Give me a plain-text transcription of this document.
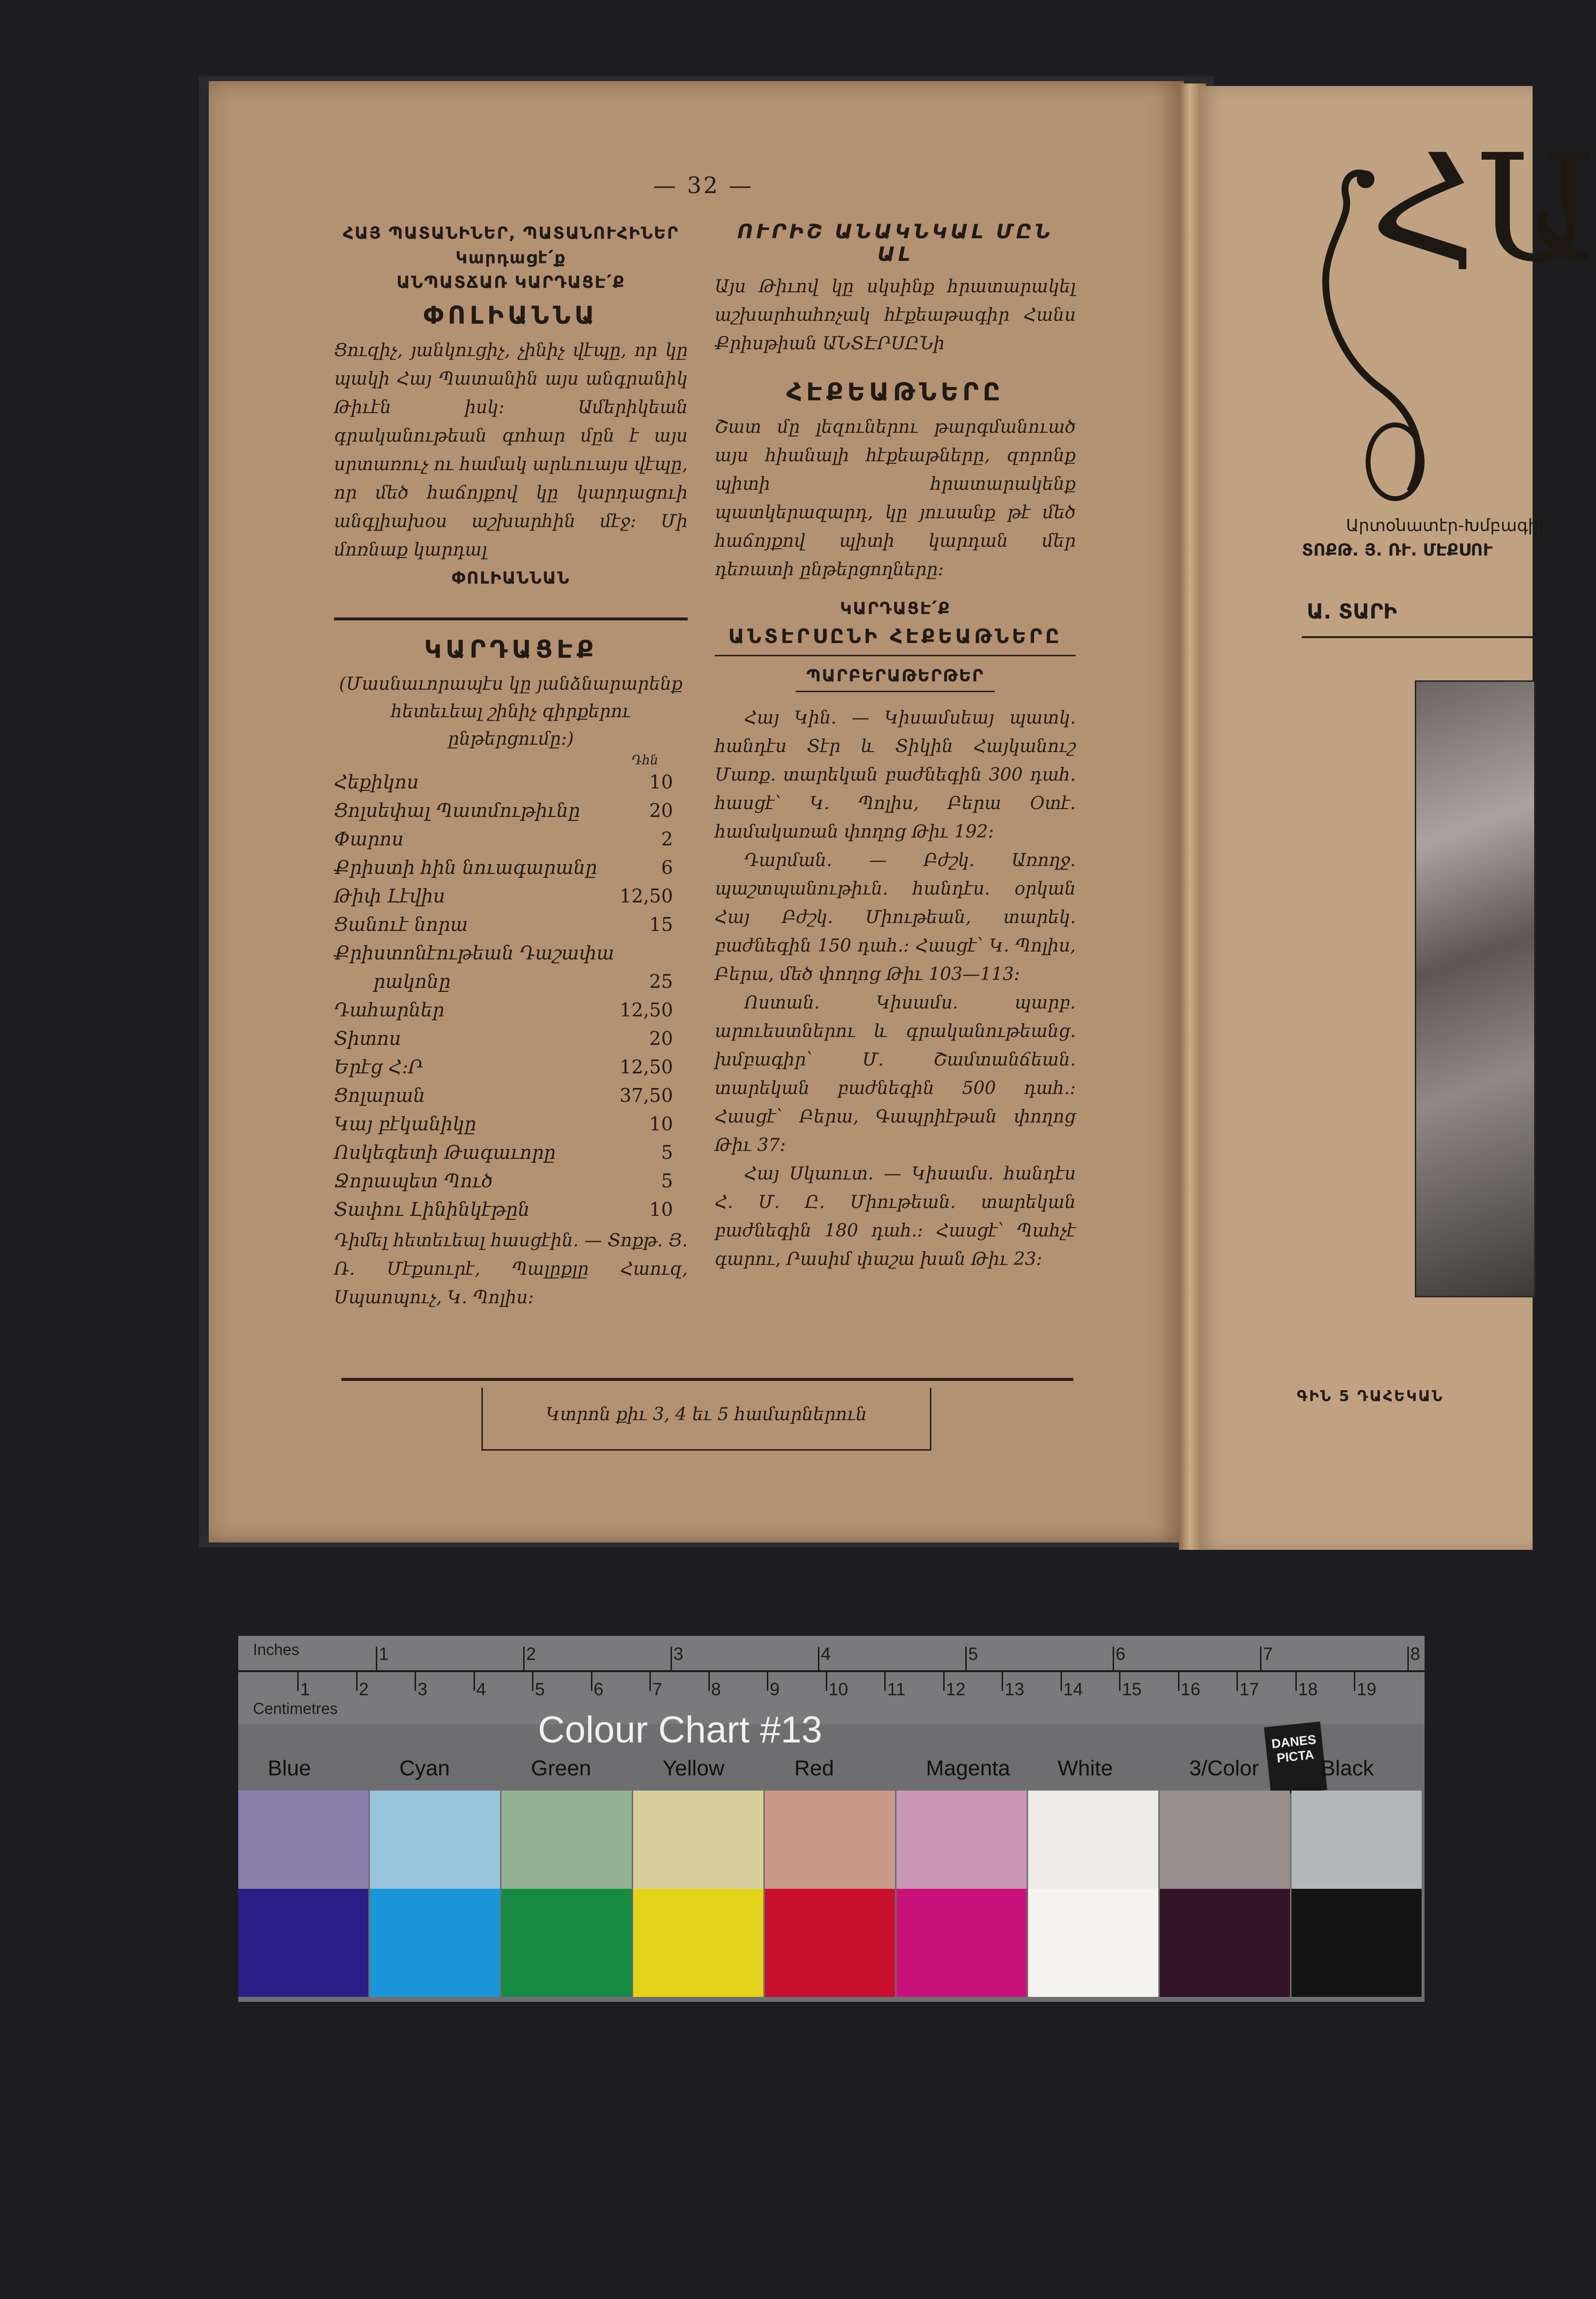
— 32 —
ՀԱՅ ՊԱՏԱՆԻՆԵՐ, ՊԱՏԱՆՈՒՀԻՆԵՐ
Կարդացէ՛ք
ԱՆՊԱՏՃԱՌ ԿԱՐԴԱՑԷ՛Ք
ՓՈԼԻԱՆՆԱ
Ցուզիչ, յանկուցիչ, չինիչ վէպը, որ կը պակի Հայ Պատանին այս անգրանիկ Թիւէն իսկ։ Ամերիկեան գրականութեան գոհար մըն է այս սրտառուչ ու համակ արևուայս վէպը, որ մեծ հաճոյքով կը կարդացուի անգլիախօս աշխարհին մէջ։ Մի մոռնաք կարդալ
ՓՈԼԻԱՆՆԱՆ
ԿԱՐԴԱՑԷՔ
(Մասնաւորապէս կը յանձնարարենք հետեւեալ շինիչ գիրքերու ընթերցումը:)
Դհն
Հեքիկոս	10
Ցոլսեփալ Պատմութիւնը	20
Փարոս	2
Քրիստի հին նուագարանը	6
Թիփ Լէվիս	12,50
Ցանուէ նորա	15
Քրիստոնէութեան Դաշափա	
րակոնը	25
Դահարներ	12,50
Տիտոս	20
Երէց Հ:Ր	12,50
Ցոլարան	37,50
Կայ բէկանիկը	10
Ոսկեգետի Թագաւորը	5
Ջորապետ Պուծ	5
Տափու Լինինկէթըն	10
Դիմել հետեւեալ հասցէին. — Տոքթ. Յ. Ռ. Մէքսուրէ, Պալըքլը Հաուզ, Սպաոպուչ, Կ. Պոլիս:
ՈՒՐԻՇ ԱՆԱԿՆԿԱԼ ՄԸՆ ԱԼ
Այս Թիւով կը սկսինք հրատարակել աշխարհահռչակ հէքեաթագիր Հանս Քրիսթիան ԱՆՏԷՐՍԸՆի
ՀԷՔԵԱԹՆԵՐԸ
Շատ մը լեզուներու թարգմանուած այս հիանալի հէքեաթները, զորոնք պիտի հրատարակենք պատկերազարդ, կը յուսանք թէ մեծ հաճոյքով պիտի կարդան մեր դեռատի ընթերցողները։
ԿԱՐԴԱՑԷ՛Ք
ԱՆՏԷՐՍԸՆԻ ՀԷՔԵԱԹՆԵՐԸ
ՊԱՐԲԵՐԱԹԵՐԹԵՐ
Հայ Կին. — Կիսամսեայ պատկ. հանդէս Տէր և Տիկին Հայկանուշ Մառք. տարեկան բաժնեգին 300 դահ. հասցէ՝ Կ. Պոլիս, Բերա Օտէ. համակառան փողոց Թիւ 192։
Դարման. — Բժշկ. Առողջ. պաշտպանութիւն. հանդէս. օրկան Հայ Բժշկ. Միութեան, տարեկ. բաժնեգին 150 դահ.։ Հասցէ՝ Կ. Պոլիս, Բերա, մեծ փողոց Թիւ 103—113։
Ոստան. Կիսամս. պարբ. արուեստներու և գրականութեանց. խմբագիր՝ Մ. Շամտանճեան. տարեկան բաժնեգին 500 դահ.։ Հասցէ՝ Բերա, Գապրիէթան փողոց Թիւ 37։
Հայ Սկաուտ. — Կիսամս. հանդէս Հ. Մ. Ը. Միութեան. տարեկան բաժնեգին 180 դահ.։ Հասցէ՝ Պահչէ գարու, Րասիմ փաշա խան Թիւ 23։
Կտրոն քիւ 3, 4 եւ 5 համարներուն
ՀԱ
Արտօնատէր-Խմբագիր
ՏՈՔԹ. Յ. ՌՒ. ՄԷՔՍՈՒ
Ա. ՏԱՐԻ
ԳԻՆ 5 ԴԱՀԵԿԱՆ
Inches
Centimetres
1	2	3	4	5	6	7	8
1	2	3	4	5	6	7	8	9	10 11 12 13 14 15 16 17 18 19
Colour Chart #13	DANES PICTA
Blue	Cyan	Green	Yellow	Red	Magenta White	3/Color	Black
